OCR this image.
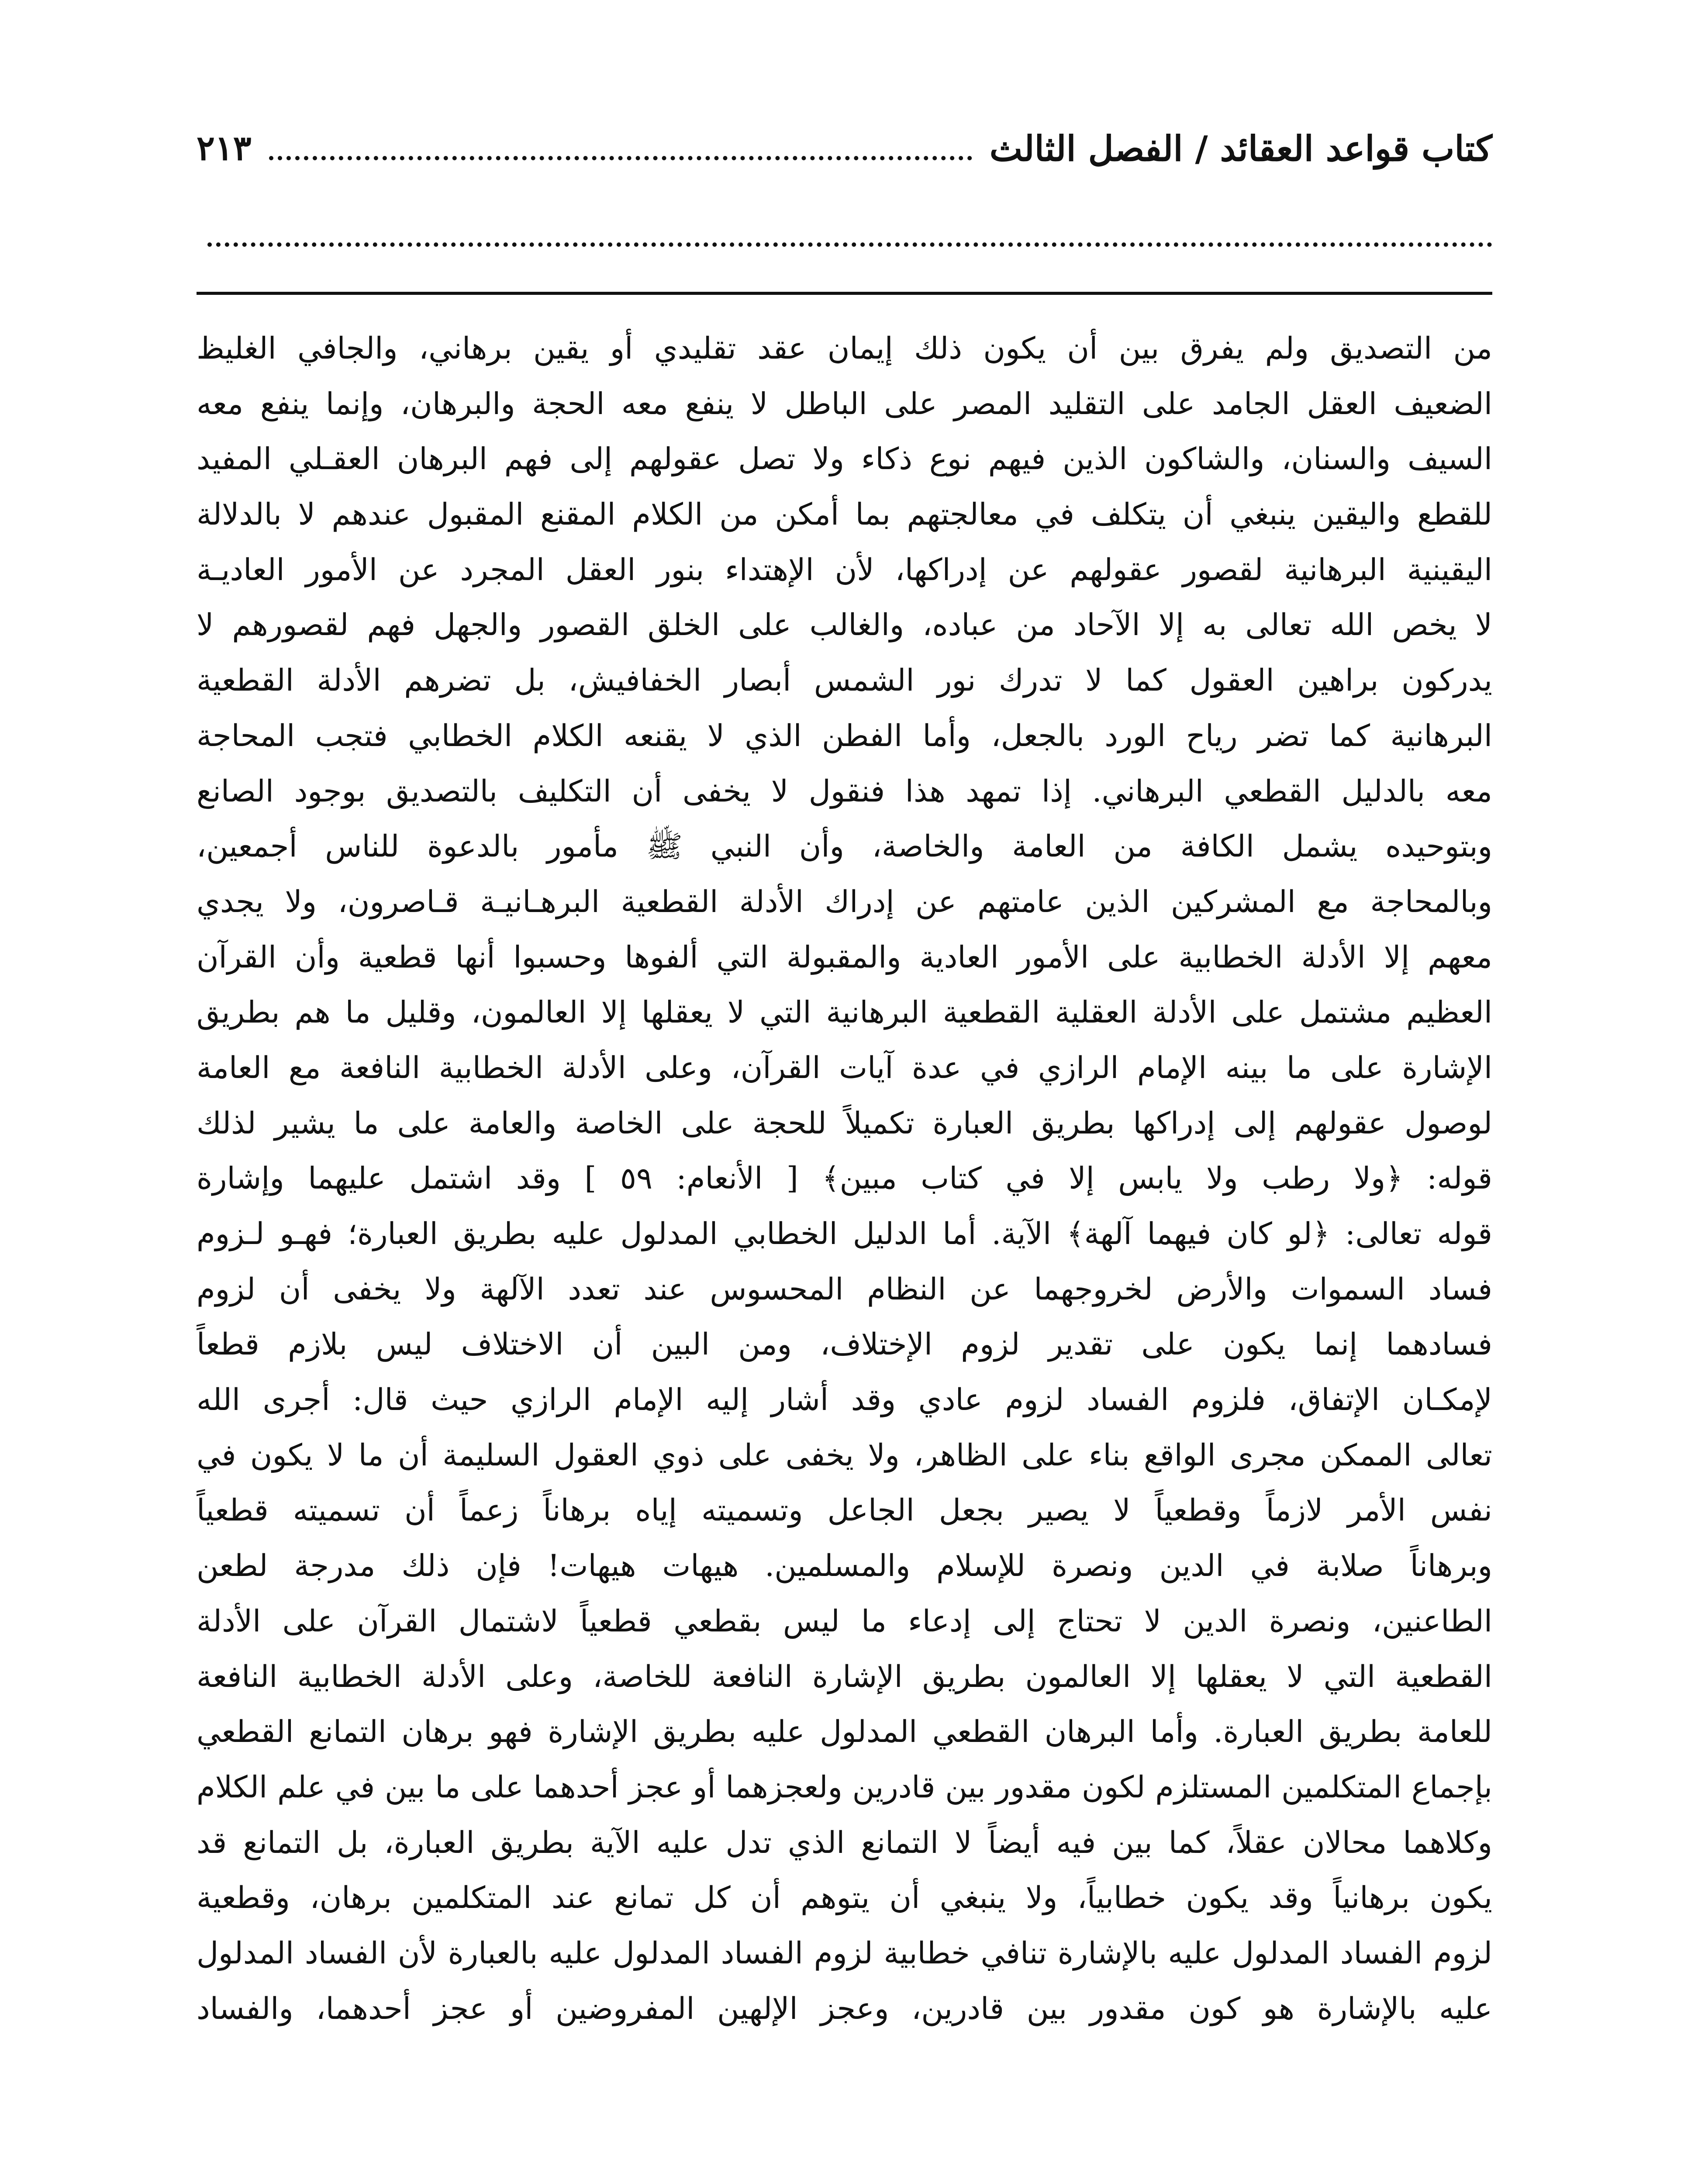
كتاب قواعد العقائد / الفصل الثالث
٢١٣
من التصديق ولم يفرق بين أن يكون ذلك إيمان عقد تقليدي أو يقين برهاني، والجافي الغليظ
الضعيف العقل الجامد على التقليد المصر على الباطل لا ينفع معه الحجة والبرهان، وإنما ينفع معه
السيف والسنان، والشاكون الذين فيهم نوع ذكاء ولا تصل عقولهم إلى فهم البرهان العقـلي المفيد
للقطع واليقين ينبغي أن يتكلف في معالجتهم بما أمكن من الكلام المقنع المقبول عندهم لا بالدلالة
اليقينية البرهانية لقصور عقولهم عن إدراكها، لأن الإهتداء بنور العقل المجرد عن الأمور العاديـة
لا يخص الله تعالى به إلا الآحاد من عباده، والغالب على الخلق القصور والجهل فهم لقصورهم لا
يدركون براهين العقول كما لا تدرك نور الشمس أبصار الخفافيش، بل تضرهم الأدلة القطعية
البرهانية كما تضر رياح الورد بالجعل، وأما الفطن الذي لا يقنعه الكلام الخطابي فتجب المحاجة
معه بالدليل القطعي البرهاني. إذا تمهد هذا فنقول لا يخفى أن التكليف بالتصديق بوجود الصانع
وبتوحيده يشمل الكافة من العامة والخاصة، وأن النبي ﷺ مأمور بالدعوة للناس أجمعين،
وبالمحاجة مع المشركين الذين عامتهم عن إدراك الأدلة القطعية البرهـانيـة قـاصرون، ولا يجدي
معهم إلا الأدلة الخطابية على الأمور العادية والمقبولة التي ألفوها وحسبوا أنها قطعية وأن القرآن
العظيم مشتمل على الأدلة العقلية القطعية البرهانية التي لا يعقلها إلا العالمون، وقليل ما هم بطريق
الإشارة على ما بينه الإمام الرازي في عدة آيات القرآن، وعلى الأدلة الخطابية النافعة مع العامة
لوصول عقولهم إلى إدراكها بطريق العبارة تكميلاً للحجة على الخاصة والعامة على ما يشير لذلك
قوله: ﴿ولا رطب ولا يابس إلا في كتاب مبين﴾ [ الأنعام: ٥٩ ] وقد اشتمل عليهما وإشارة
قوله تعالى: ﴿لو كان فيهما آلهة﴾ الآية. أما الدليل الخطابي المدلول عليه بطريق العبارة؛ فهـو لـزوم
فساد السموات والأرض لخروجهما عن النظام المحسوس عند تعدد الآلهة ولا يخفى أن لزوم
فسادهما إنما يكون على تقدير لزوم الإختلاف، ومن البين أن الاختلاف ليس بلازم قطعاً
لإمكـان الإتفاق، فلزوم الفساد لزوم عادي وقد أشار إليه الإمام الرازي حيث قال: أجرى الله
تعالى الممكن مجرى الواقع بناء على الظاهر، ولا يخفى على ذوي العقول السليمة أن ما لا يكون في
نفس الأمر لازماً وقطعياً لا يصير بجعل الجاعل وتسميته إياه برهاناً زعماً أن تسميته قطعياً
وبرهاناً صلابة في الدين ونصرة للإسلام والمسلمين. هيهات هيهات! فإن ذلك مدرجة لطعن
الطاعنين، ونصرة الدين لا تحتاج إلى إدعاء ما ليس بقطعي قطعياً لاشتمال القرآن على الأدلة
القطعية التي لا يعقلها إلا العالمون بطريق الإشارة النافعة للخاصة، وعلى الأدلة الخطابية النافعة
للعامة بطريق العبارة. وأما البرهان القطعي المدلول عليه بطريق الإشارة فهو برهان التمانع القطعي
بإجماع المتكلمين المستلزم لكون مقدور بين قادرين ولعجزهما أو عجز أحدهما على ما بين في علم الكلام
وكلاهما محالان عقلاً، كما بين فيه أيضاً لا التمانع الذي تدل عليه الآية بطريق العبارة، بل التمانع قد
يكون برهانياً وقد يكون خطابياً، ولا ينبغي أن يتوهم أن كل تمانع عند المتكلمين برهان، وقطعية
لزوم الفساد المدلول عليه بالإشارة تنافي خطابية لزوم الفساد المدلول عليه بالعبارة لأن الفساد المدلول
عليه بالإشارة هو كون مقدور بين قادرين، وعجز الإلهين المفروضين أو عجز أحدهما، والفساد
